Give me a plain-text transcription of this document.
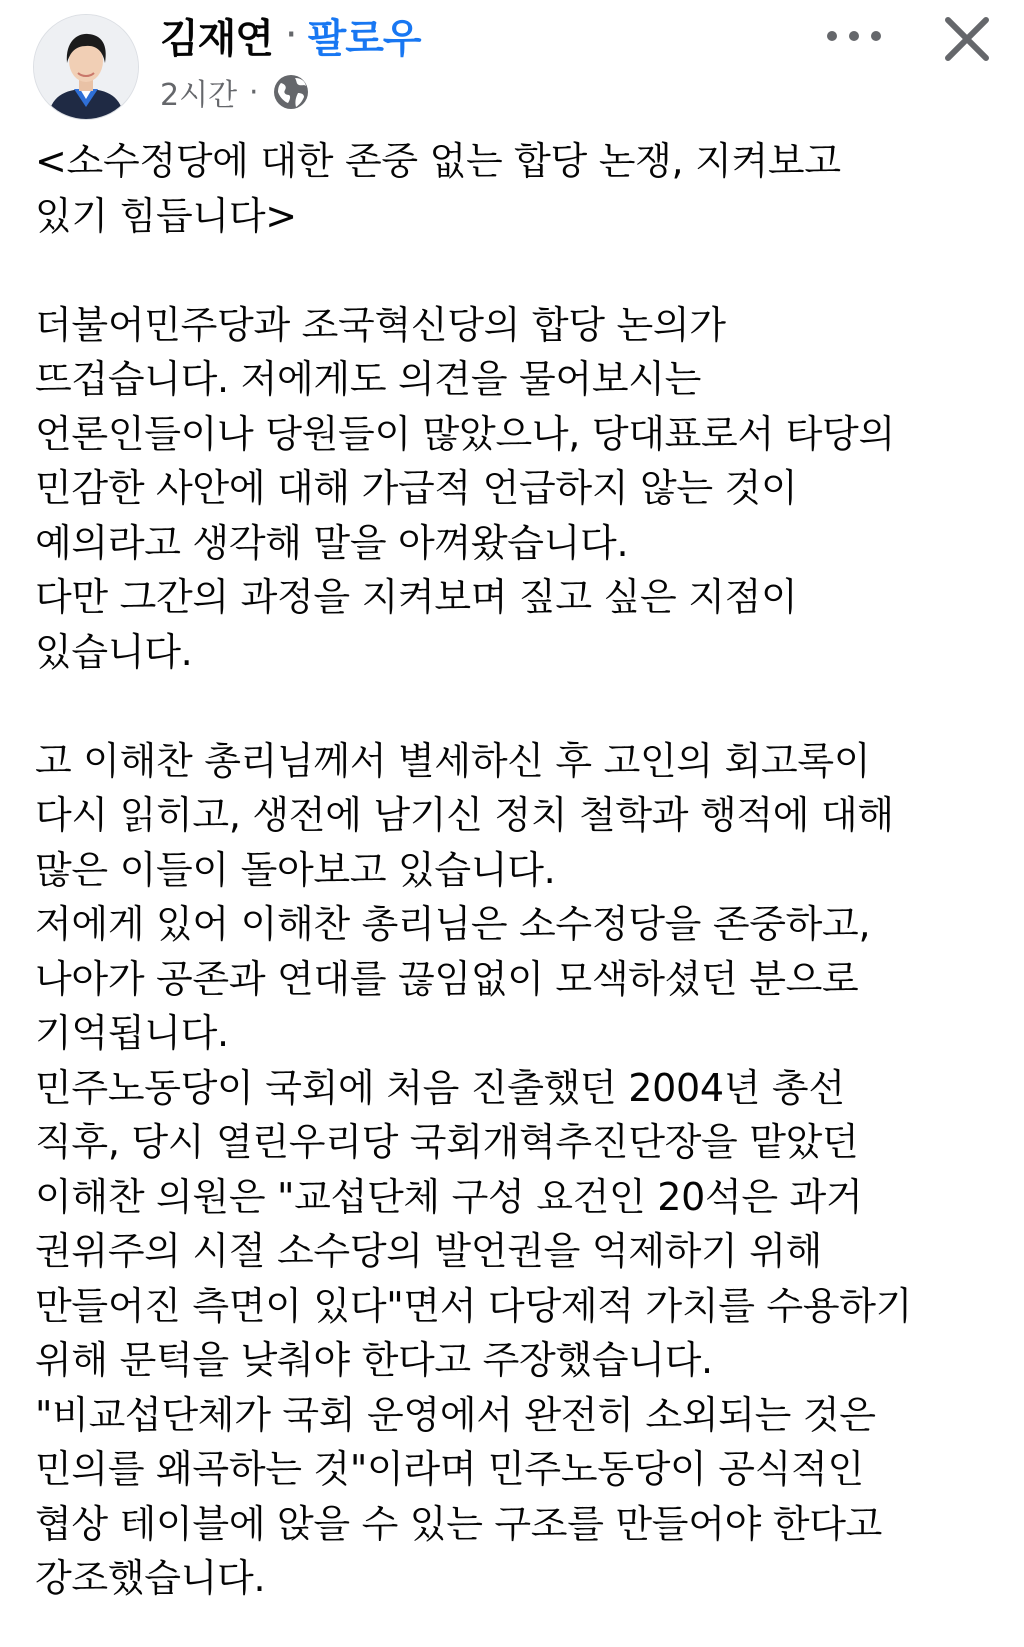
김재연 · 팔로우
2시간 ·

<소수정당에 대한 존중 없는 합당 논쟁, 지켜보고

있기 힘듭니다>

더불어민주당과 조국혁신당의 합당 논의가

뜨겁습니다. 저에게도 의견을 물어보시는

언론인들이나 당원들이 많았으나, 당대표로서 타당의

민감한 사안에 대해 가급적 언급하지 않는 것이

예의라고 생각해 말을 아껴왔습니다.

다만 그간의 과정을 지켜보며 짚고 싶은 지점이

있습니다.

고 이해찬 총리님께서 별세하신 후 고인의 회고록이

다시 읽히고, 생전에 남기신 정치 철학과 행적에 대해

많은 이들이 돌아보고 있습니다.

저에게 있어 이해찬 총리님은 소수정당을 존중하고,

나아가 공존과 연대를 끊임없이 모색하셨던 분으로

기억됩니다.

민주노동당이 국회에 처음 진출했던 2004년 총선

직후, 당시 열린우리당 국회개혁추진단장을 맡았던

이해찬 의원은 "교섭단체 구성 요건인 20석은 과거

권위주의 시절 소수당의 발언권을 억제하기 위해

만들어진 측면이 있다"면서 다당제적 가치를 수용하기

위해 문턱을 낮춰야 한다고 주장했습니다.

"비교섭단체가 국회 운영에서 완전히 소외되는 것은

민의를 왜곡하는 것"이라며 민주노동당이 공식적인

협상 테이블에 앉을 수 있는 구조를 만들어야 한다고

강조했습니다.
